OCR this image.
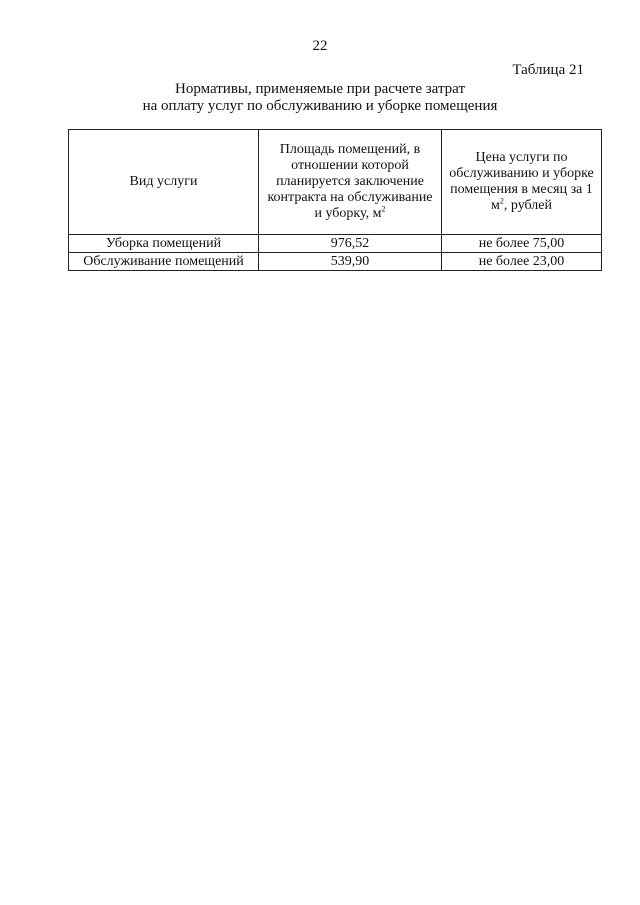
22
Таблица 21
Нормативы, применяемые при расчете затрат
на оплату услуг по обслуживанию и уборке помещения
Вид услуги	Площадь помещений, в отношении которой планируется заключение контракта на обслуживание и уборку, $м^2$	Цена услуги по обслуживанию и уборке помещения в месяц за 1 $м^2$, рублей
Уборка помещений	976,52	не более 75,00
Обслуживание помещений	539,90	не более 23,00
